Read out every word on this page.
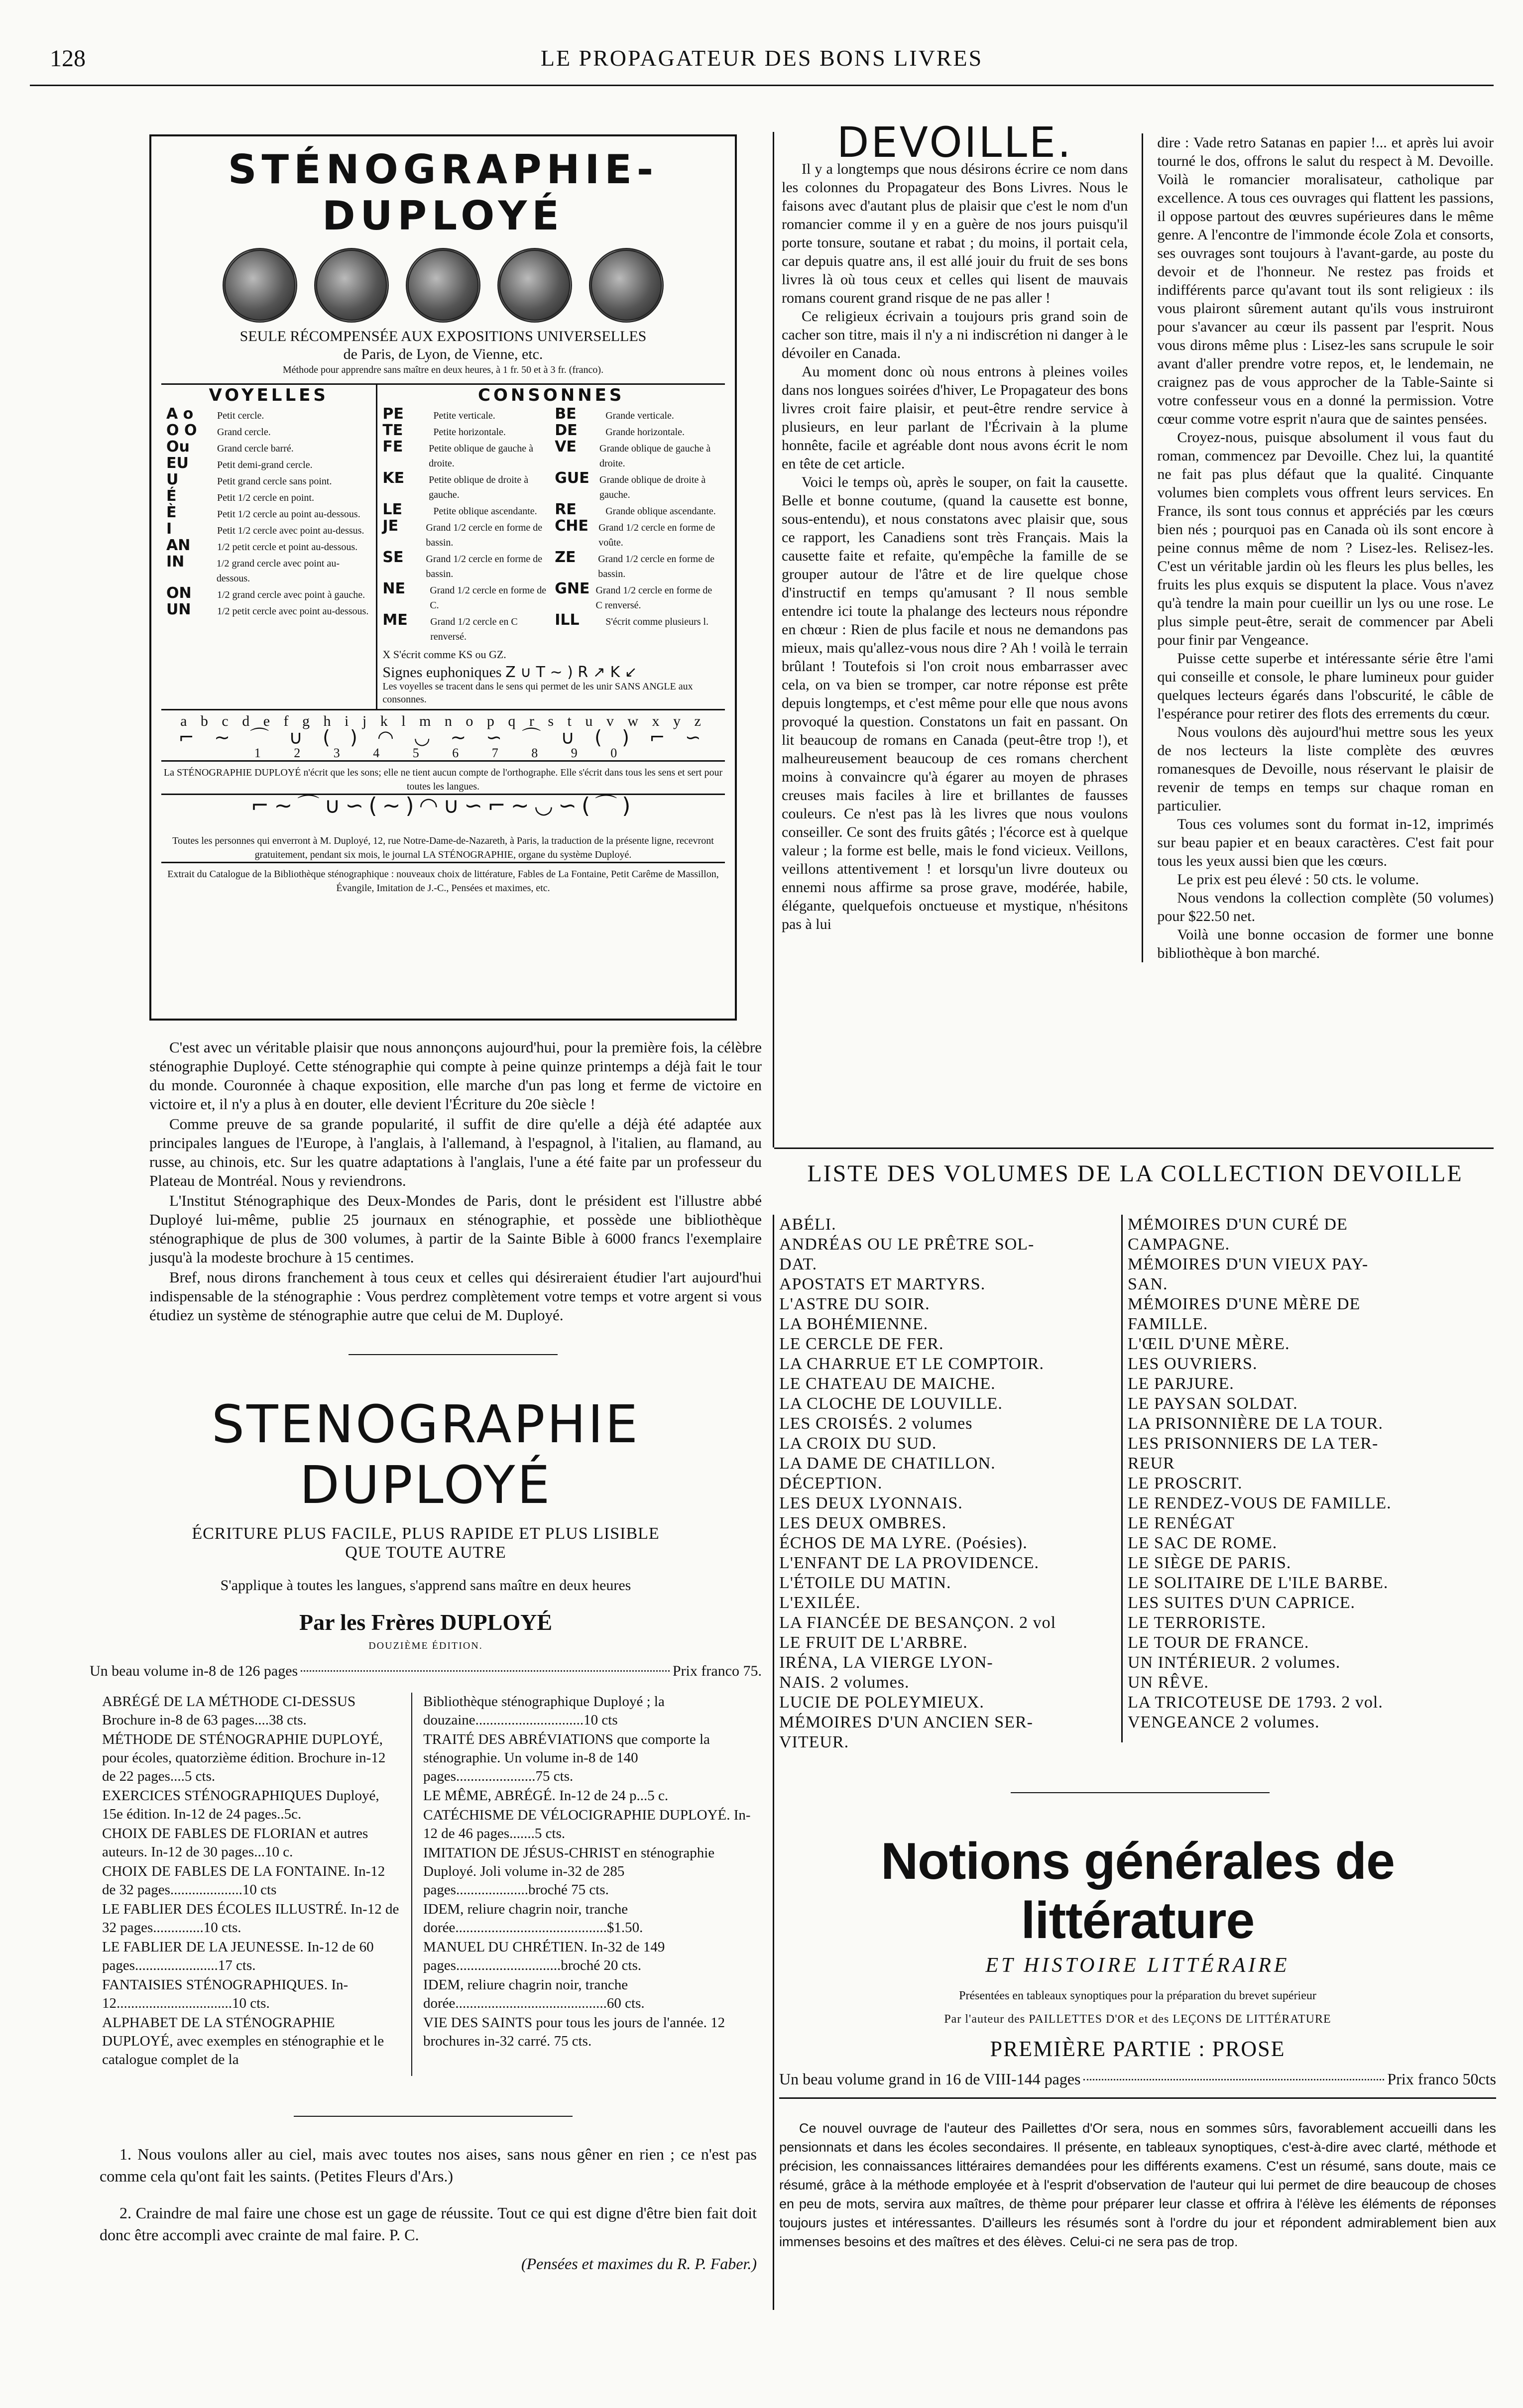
128	LE PROPAGATEUR DES BONS LIVRES
STÉNOGRAPHIE-DUPLOYÉ
SEULE RÉCOMPENSÉE AUX EXPOSITIONS UNIVERSELLES
de Paris, de Lyon, de Vienne, etc.
Méthode pour apprendre sans maître en deux heures, à 1 fr. 50 et à 3 fr. (franco).
VOYELLES
A o	Petit cercle.
O O	Grand cercle.
Ou	Grand cercle barré.
EU	Petit demi-grand cercle.
U	Petit grand cercle sans point.
É	Petit 1/2 cercle en point.
È	Petit 1/2 cercle au point au-dessous.
I	Petit 1/2 cercle avec point au-dessus.
AN	1/2 petit cercle et point au-dessous.
IN	1/2 grand cercle avec point au-dessous.
ON	1/2 grand cercle avec point à gauche.
UN	1/2 petit cercle avec point au-dessous.
CONSONNES
PE	Petite verticale.
TE	Petite horizontale.
FE	Petite oblique de gauche à droite.
KE	Petite oblique de droite à gauche.
LE	Petite oblique ascendante.
JE	Grand 1/2 cercle en forme de bassin.
SE	Grand 1/2 cercle en forme de bassin.
NE	Grand 1/2 cercle en forme de C.
ME	Grand 1/2 cercle en C renversé.
BE	Grande verticale.
DE	Grande horizontale.
VE	Grande oblique de gauche à droite.
GUE	Grande oblique de droite à gauche.
RE	Grande oblique ascendante.
CHE	Grand 1/2 cercle en forme de voûte.
ZE	Grand 1/2 cercle en forme de bassin.
GNE Grand 1/2 cercle en forme de C renversé.
ILL	S'écrit comme plusieurs l.
X S'écrit comme KS ou GZ.
Signes euphoniques Z ∪ T ∼ ) R ↗ K ↙
Les voyelles se tracent dans le sens qui permet de les unir SANS ANGLE aux consonnes.
a b c d e f g h i j k l m n o p q r s t u v w x y z
⌐ ∼ ⌒ ∪ ( ) ◠ ◡ ∼ ∽ ⌒ ∪ ( ) ⌐ ∽
1 2 3 4 5 6 7 8 9 0
La STÉNOGRAPHIE DUPLOYÉ n'écrit que les sons; elle ne tient aucun compte de l'orthographe. Elle s'écrit dans tous les sens et sert pour toutes les langues.
⌐∼⌒∪∽(∼)◠∪∽⌐∼◡∽(⌒)
Toutes les personnes qui enverront à M. Duployé, 12, rue Notre-Dame-de-Nazareth, à Paris, la traduction de la présente ligne, recevront gratuitement, pendant six mois, le journal LA STÉNOGRAPHIE, organe du système Duployé.
Extrait du Catalogue de la Bibliothèque sténographique : nouveaux choix de littérature, Fables de La Fontaine, Petit Carême de Massillon, Évangile, Imitation de J.-C., Pensées et maximes, etc.

C'est avec un véritable plaisir que nous annonçons aujourd'hui, pour la première fois, la célèbre sténographie Duployé. Cette sténographie qui compte à peine quinze printemps a déjà fait le tour du monde. Couronnée à chaque exposition, elle marche d'un pas long et ferme de victoire en victoire et, il n'y a plus à en douter, elle devient l'Écriture du 20e siècle !

Comme preuve de sa grande popularité, il suffit de dire qu'elle a déjà été adaptée aux principales langues de l'Europe, à l'anglais, à l'allemand, à l'espagnol, à l'italien, au flamand, au russe, au chinois, etc. Sur les quatre adaptations à l'anglais, l'une a été faite par un professeur du Plateau de Montréal. Nous y reviendrons.

L'Institut Sténographique des Deux-Mondes de Paris, dont le président est l'illustre abbé Duployé lui-même, publie 25 journaux en sténographie, et possède une bibliothèque sténographique de plus de 300 volumes, à partir de la Sainte Bible à 6000 francs l'exemplaire jusqu'à la modeste brochure à 15 centimes.

Bref, nous dirons franchement à tous ceux et celles qui désireraient étudier l'art aujourd'hui indispensable de la sténographie : Vous perdrez complètement votre temps et votre argent si vous étudiez un système de sténographie autre que celui de M. Duployé.

STENOGRAPHIE DUPLOYÉ
ÉCRITURE PLUS FACILE, PLUS RAPIDE ET PLUS LISIBLE
QUE TOUTE AUTRE
S'applique à toutes les langues, s'apprend sans maître en deux heures
Par les Frères DUPLOYÉ
DOUZIÈME ÉDITION.
Un beau volume in-8 de 126 pages	Prix franco 75.
ABRÉGÉ DE LA MÉTHODE CI-DESSUS Brochure in-8 de 63 pages....38 cts.
MÉTHODE DE STÉNOGRAPHIE DUPLOYÉ, pour écoles, quatorzième édition. Brochure in-12 de 22 pages....5 cts.
EXERCICES STÉNOGRAPHIQUES Duployé, 15e édition. In-12 de 24 pages..5c.
CHOIX DE FABLES DE FLORIAN et autres auteurs. In-12 de 30 pages...10 c.
CHOIX DE FABLES DE LA FONTAINE. In-12 de 32 pages....................10 cts
LE FABLIER DES ÉCOLES ILLUSTRÉ. In-12 de 32 pages..............10 cts.
LE FABLIER DE LA JEUNESSE. In-12 de 60 pages.......................17 cts.
FANTAISIES STÉNOGRAPHIQUES. In-12................................10 cts.
ALPHABET DE LA STÉNOGRAPHIE DUPLOYÉ, avec exemples en sténographie et le catalogue complet de la
Bibliothèque sténographique Duployé ; la douzaine..............................10 cts
TRAITÉ DES ABRÉVIATIONS que comporte la sténographie. Un volume in-8 de 140 pages......................75 cts.
LE MÊME, ABRÉGÉ. In-12 de 24 p...5 c.
CATÉCHISME DE VÉLOCIGRAPHIE DUPLOYÉ. In-12 de 46 pages.......5 cts.
IMITATION DE JÉSUS-CHRIST en sténographie Duployé. Joli volume in-32 de 285 pages....................broché 75 cts.
IDEM, reliure chagrin noir, tranche dorée..........................................$1.50.
MANUEL DU CHRÉTIEN. In-32 de 149 pages.............................broché 20 cts.
IDEM, reliure chagrin noir, tranche dorée..........................................60 cts.
VIE DES SAINTS pour tous les jours de l'année. 12 brochures in-32 carré. 75 cts.

1. Nous voulons aller au ciel, mais avec toutes nos aises, sans nous gêner en rien ; ce n'est pas comme cela qu'ont fait les saints. (Petites Fleurs d'Ars.)

2. Craindre de mal faire une chose est un gage de réussite. Tout ce qui est digne d'être bien fait doit donc être accompli avec crainte de mal faire. P. C.

(Pensées et maximes du R. P. Faber.)

DEVOILLE.

Il y a longtemps que nous désirons écrire ce nom dans les colonnes du Propagateur des Bons Livres. Nous le faisons avec d'autant plus de plaisir que c'est le nom d'un romancier comme il y en a guère de nos jours puisqu'il porte tonsure, soutane et rabat ; du moins, il portait cela, car depuis quatre ans, il est allé jouir du fruit de ses bons livres là où tous ceux et celles qui lisent de mauvais romans courent grand risque de ne pas aller !

Ce religieux écrivain a toujours pris grand soin de cacher son titre, mais il n'y a ni indiscrétion ni danger à le dévoiler en Canada.

Au moment donc où nous entrons à pleines voiles dans nos longues soirées d'hiver, Le Propagateur des bons livres croit faire plaisir, et peut-être rendre service à plusieurs, en leur parlant de l'Écrivain à la plume honnête, facile et agréable dont nous avons écrit le nom en tête de cet article.

Voici le temps où, après le souper, on fait la causette. Belle et bonne coutume, (quand la causette est bonne, sous-entendu), et nous constatons avec plaisir que, sous ce rapport, les Canadiens sont très Français. Mais la causette faite et refaite, qu'empêche la famille de se grouper autour de l'âtre et de lire quelque chose d'instructif en temps qu'amusant ? Il nous semble entendre ici toute la phalange des lecteurs nous répondre en chœur : Rien de plus facile et nous ne demandons pas mieux, mais qu'allez-vous nous dire ? Ah ! voilà le terrain brûlant ! Toutefois si l'on croit nous embarrasser avec cela, on va bien se tromper, car notre réponse est prête depuis longtemps, et c'est même pour elle que nous avons provoqué la question. Constatons un fait en passant. On lit beaucoup de romans en Canada (peut-être trop !), et malheureusement beaucoup de ces romans cherchent moins à convaincre qu'à égarer au moyen de phrases creuses mais faciles à lire et brillantes de fausses couleurs. Ce n'est pas là les livres que nous voulons conseiller. Ce sont des fruits gâtés ; l'écorce est à quelque valeur ; la forme est belle, mais le fond vicieux. Veillons, veillons attentivement ! et lorsqu'un livre douteux ou ennemi nous affirme sa prose grave, modérée, habile, élégante, quelquefois onctueuse et mystique, n'hésitons pas à lui

dire : Vade retro Satanas en papier !... et après lui avoir tourné le dos, offrons le salut du respect à M. Devoille. Voilà le romancier moralisateur, catholique par excellence. A tous ces ouvrages qui flattent les passions, il oppose partout des œuvres supérieures dans le même genre. A l'encontre de l'immonde école Zola et consorts, ses ouvrages sont toujours à l'avant-garde, au poste du devoir et de l'honneur. Ne restez pas froids et indifférents parce qu'avant tout ils sont religieux : ils vous plairont sûrement autant qu'ils vous instruiront pour s'avancer au cœur ils passent par l'esprit. Nous vous dirons même plus : Lisez-les sans scrupule le soir avant d'aller prendre votre repos, et, le lendemain, ne craignez pas de vous approcher de la Table-Sainte si votre confesseur vous en a donné la permission. Votre cœur comme votre esprit n'aura que de saintes pensées.

Croyez-nous, puisque absolument il vous faut du roman, commencez par Devoille. Chez lui, la quantité ne fait pas plus défaut que la qualité. Cinquante volumes bien complets vous offrent leurs services. En France, ils sont tous connus et appréciés par les cœurs bien nés ; pourquoi pas en Canada où ils sont encore à peine connus même de nom ? Lisez-les. Relisez-les. C'est un véritable jardin où les fleurs les plus belles, les fruits les plus exquis se disputent la place. Vous n'avez qu'à tendre la main pour cueillir un lys ou une rose. Le plus simple peut-être, serait de commencer par Abeli pour finir par Vengeance.

Puisse cette superbe et intéressante série être l'ami qui conseille et console, le phare lumineux pour guider quelques lecteurs égarés dans l'obscurité, le câble de l'espérance pour retirer des flots des errements du cœur.

Nous voulons dès aujourd'hui mettre sous les yeux de nos lecteurs la liste complète des œuvres romanesques de Devoille, nous réservant le plaisir de revenir de temps en temps sur chaque roman en particulier.

Tous ces volumes sont du format in-12, imprimés sur beau papier et en beaux caractères. C'est fait pour tous les yeux aussi bien que les cœurs.

Le prix est peu élevé : 50 cts. le volume.

Nous vendons la collection complète (50 volumes) pour $22.50 net.

Voilà une bonne occasion de former une bonne bibliothèque à bon marché.

LISTE DES VOLUMES DE LA COLLECTION DEVOILLE
ABÉLI.
ANDRÉAS OU LE PRÊTRE SOL-
DAT.
APOSTATS ET MARTYRS.
L'ASTRE DU SOIR.
LA BOHÉMIENNE.
LE CERCLE DE FER.
LA CHARRUE ET LE COMPTOIR.
LE CHATEAU DE MAICHE.
LA CLOCHE DE LOUVILLE.
LES CROISÉS. 2 volumes
LA CROIX DU SUD.
LA DAME DE CHATILLON.
DÉCEPTION.
LES DEUX LYONNAIS.
LES DEUX OMBRES.
ÉCHOS DE MA LYRE. (Poésies).
L'ENFANT DE LA PROVIDENCE.
L'ÉTOILE DU MATIN.
L'EXILÉE.
LA FIANCÉE DE BESANÇON. 2 vol
LE FRUIT DE L'ARBRE.
IRÉNA, LA VIERGE LYON-
NAIS. 2 volumes.
LUCIE DE POLEYMIEUX.
MÉMOIRES D'UN ANCIEN SER-
VITEUR.
MÉMOIRES D'UN CURÉ DE
CAMPAGNE.
MÉMOIRES D'UN VIEUX PAY-
SAN.
MÉMOIRES D'UNE MÈRE DE
FAMILLE.
L'ŒIL D'UNE MÈRE.
LES OUVRIERS.
LE PARJURE.
LE PAYSAN SOLDAT.
LA PRISONNIÈRE DE LA TOUR.
LES PRISONNIERS DE LA TER-
REUR
LE PROSCRIT.
LE RENDEZ-VOUS DE FAMILLE.
LE RENÉGAT
LE SAC DE ROME.
LE SIÈGE DE PARIS.
LE SOLITAIRE DE L'ILE BARBE.
LES SUITES D'UN CAPRICE.
LE TERRORISTE.
LE TOUR DE FRANCE.
UN INTÉRIEUR. 2 volumes.
UN RÊVE.
LA TRICOTEUSE DE 1793. 2 vol.
VENGEANCE 2 volumes.
Notions générales de littérature
ET HISTOIRE LITTÉRAIRE
Présentées en tableaux synoptiques pour la préparation du brevet supérieur
Par l'auteur des PAILLETTES D'OR et des LEÇONS DE LITTÉRATURE
PREMIÈRE PARTIE : PROSE
Un beau volume grand in 16 de VIII-144 pages	Prix franco 50cts
Ce nouvel ouvrage de l'auteur des Paillettes d'Or sera, nous en sommes sûrs, favorablement accueilli dans les pensionnats et dans les écoles secondaires. Il présente, en tableaux synoptiques, c'est-à-dire avec clarté, méthode et précision, les connaissances littéraires demandées pour les différents examens. C'est un résumé, sans doute, mais ce résumé, grâce à la méthode employée et à l'esprit d'observation de l'auteur qui lui permet de dire beaucoup de choses en peu de mots, servira aux maîtres, de thème pour préparer leur classe et offrira à l'élève les éléments de réponses toujours justes et intéressantes. D'ailleurs les résumés sont à l'ordre du jour et répondent admirablement bien aux immenses besoins et des maîtres et des élèves. Celui-ci ne sera pas de trop.
